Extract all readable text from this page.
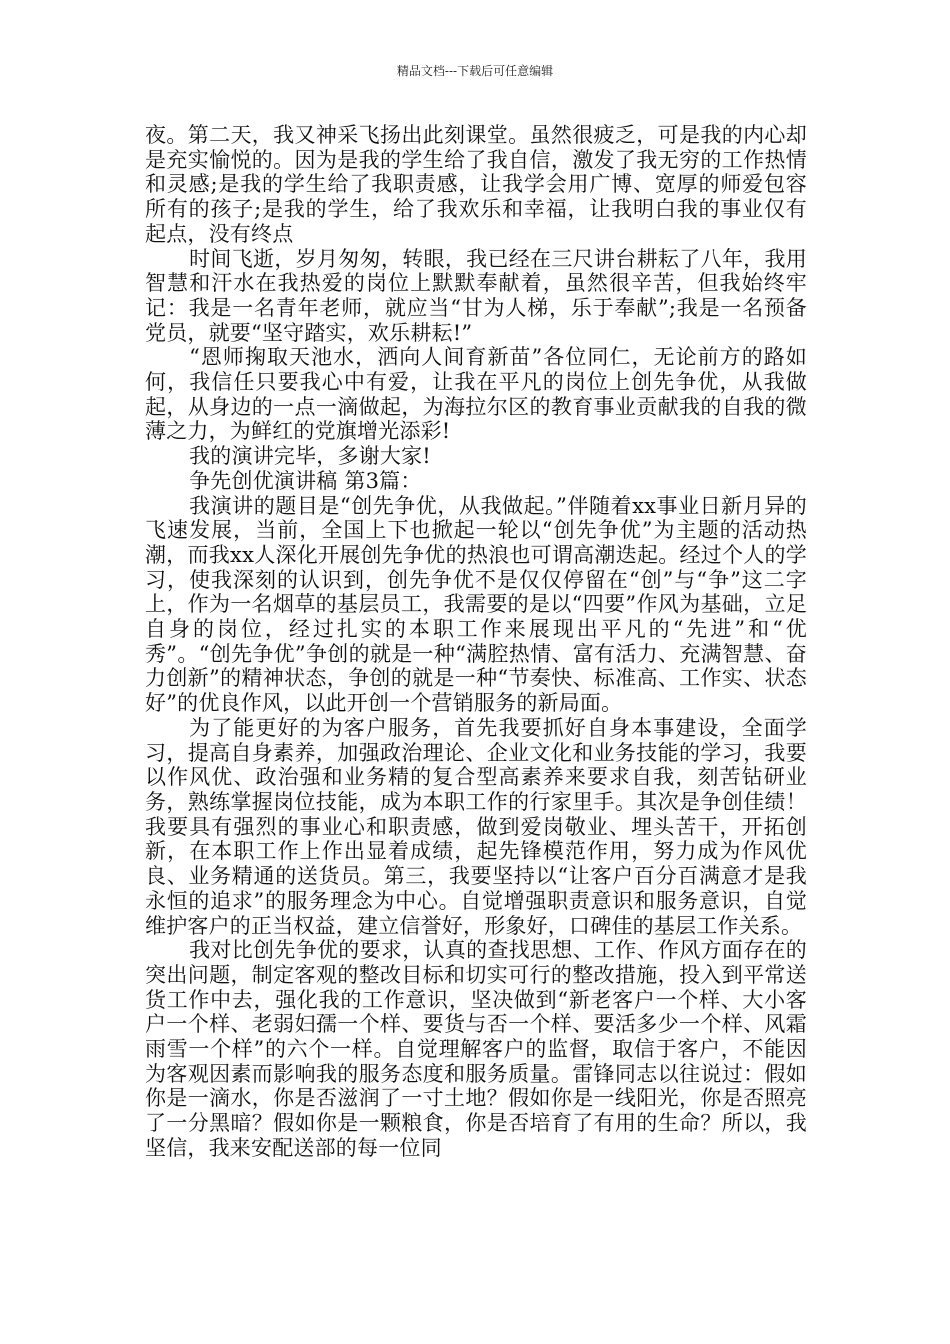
精品文档---下载后可任意编辑

夜。第二天，我又神采飞扬出此刻课堂。虽然很疲乏，可是我的内心却是充实愉悦的。因为是我的学生给了我自信，激发了我无穷的工作热情和灵感;是我的学生给了我职责感，让我学会用广博、宽厚的师爱包容所有的孩子;是我的学生，给了我欢乐和幸福，让我明白我的事业仅有起点，没有终点

时间飞逝，岁月匆匆，转眼，我已经在三尺讲台耕耘了八年，我用智慧和汗水在我热爱的岗位上默默奉献着，虽然很辛苦，但我始终牢记：我是一名青年老师，就应当“甘为人梯，乐于奉献”;我是一名预备党员，就要“坚守踏实，欢乐耕耘!”

“恩师掬取天池水，洒向人间育新苗”各位同仁，无论前方的路如何，我信任只要我心中有爱，让我在平凡的岗位上创先争优，从我做起，从身边的一点一滴做起，为海拉尔区的教育事业贡献我的自我的微薄之力，为鲜红的党旗增光添彩!

我的演讲完毕，多谢大家!

争先创优演讲稿 第3篇：

我演讲的题目是“创先争优，从我做起。”伴随着xx事业日新月异的飞速发展，当前，全国上下也掀起一轮以“创先争优”为主题的活动热潮，而我xx人深化开展创先争优的热浪也可谓高潮迭起。经过个人的学习，使我深刻的认识到，创先争优不是仅仅停留在“创”与“争”这二字上，作为一名烟草的基层员工，我需要的是以“四要”作风为基础，立足自身的岗位，经过扎实的本职工作来展现出平凡的“先进”和“优秀”。“创先争优”争创的就是一种“满腔热情、富有活力、充满智慧、奋力创新”的精神状态，争创的就是一种“节奏快、标准高、工作实、状态好”的优良作风，以此开创一个营销服务的新局面。

为了能更好的为客户服务，首先我要抓好自身本事建设，全面学习，提高自身素养，加强政治理论、企业文化和业务技能的学习，我要以作风优、政治强和业务精的复合型高素养来要求自我，刻苦钻研业务，熟练掌握岗位技能，成为本职工作的行家里手。其次是争创佳绩！我要具有强烈的事业心和职责感，做到爱岗敬业、埋头苦干，开拓创新，在本职工作上作出显着成绩，起先锋模范作用，努力成为作风优良、业务精通的送货员。第三，我要坚持以“让客户百分百满意才是我永恒的追求”的服务理念为中心。自觉增强职责意识和服务意识，自觉维护客户的正当权益，建立信誉好，形象好，口碑佳的基层工作关系。

我对比创先争优的要求，认真的查找思想、工作、作风方面存在的突出问题，制定客观的整改目标和切实可行的整改措施，投入到平常送货工作中去，强化我的工作意识，坚决做到“新老客户一个样、大小客户一个样、老弱妇孺一个样、要货与否一个样、要活多少一个样、风霜雨雪一个样”的六个一样。自觉理解客户的监督，取信于客户，不能因为客观因素而影响我的服务态度和服务质量。雷锋同志以往说过：假如你是一滴水，你是否滋润了一寸土地？假如你是一线阳光，你是否照亮了一分黑暗？假如你是一颗粮食，你是否培育了有用的生命？所以，我坚信，我来安配送部的每一位同
